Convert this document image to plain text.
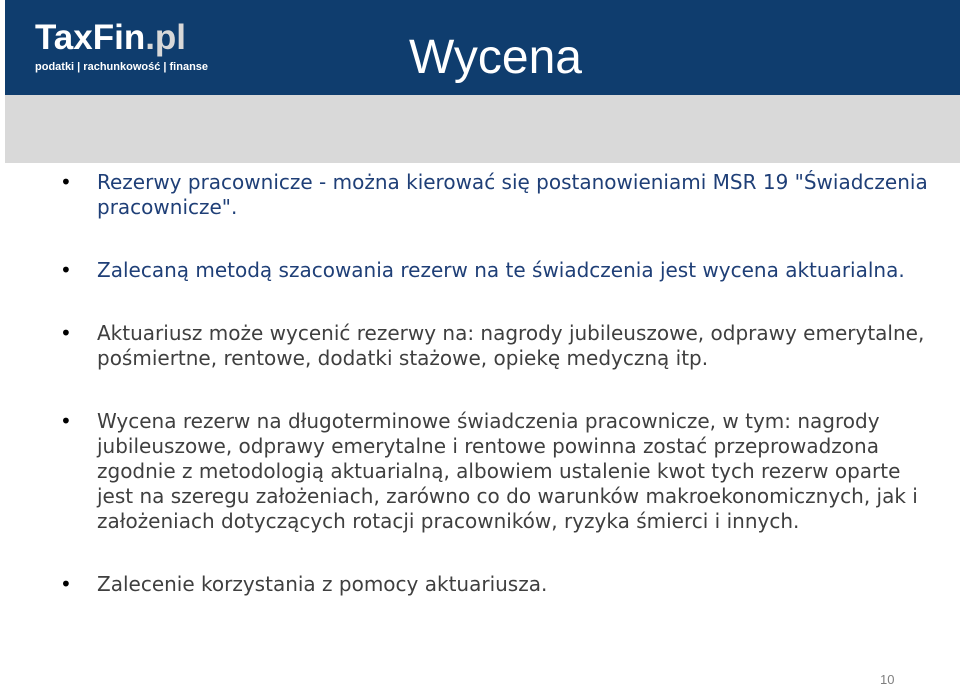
TaxFin.pl
podatki | rachunkowość | finanse	Wycena
•	Rezerwy pracownicze - można kierować się postanowieniami MSR 19 "Świadczenia pracownicze".
•	Zalecaną metodą szacowania rezerw na te świadczenia jest wycena aktuarialna.
•	Aktuariusz może wycenić rezerwy na: nagrody jubileuszowe, odprawy emerytalne, pośmiertne, rentowe, dodatki stażowe, opiekę medyczną itp.
•	Wycena rezerw na długoterminowe świadczenia pracownicze, w tym: nagrody jubileuszowe, odprawy emerytalne i rentowe powinna zostać przeprowadzona zgodnie z metodologią aktuarialną, albowiem ustalenie kwot tych rezerw oparte jest na szeregu założeniach, zarówno co do warunków makroekonomicznych, jak i założeniach dotyczących rotacji pracowników, ryzyka śmierci i innych.
•	Zalecenie korzystania z pomocy aktuariusza.
10
